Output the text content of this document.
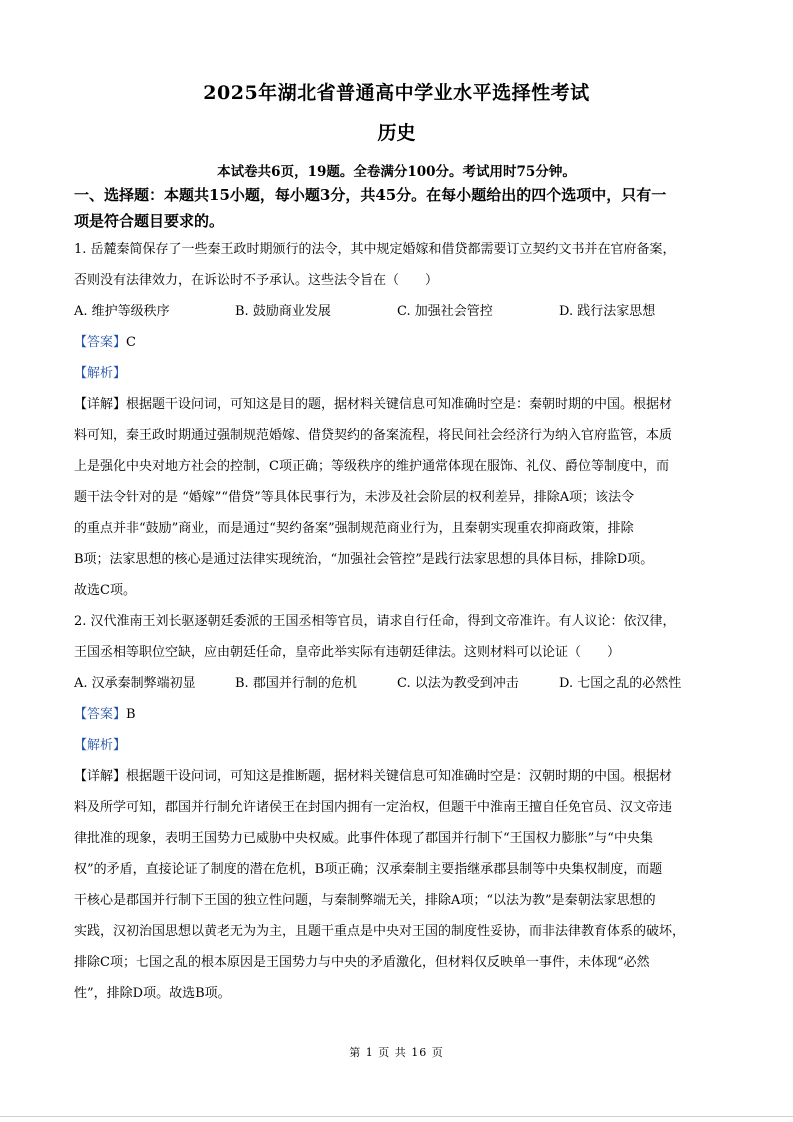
2025年湖北省普通高中学业水平选择性考试
历史
本试卷共6页，19题。全卷满分100分。考试用时75分钟。
一、选择题：本题共15小题，每小题3分，共45分。在每小题给出的四个选项中，只有一
项是符合题目要求的。
1. 岳麓秦简保存了一些秦王政时期颁行的法令，其中规定婚嫁和借贷都需要订立契约文书并在官府备案，
否则没有法律效力，在诉讼时不予承认。这些法令旨在（　　）
A. 维护等级秩序	B. 鼓励商业发展	C. 加强社会管控	D. 践行法家思想
【答案】C
【解析】
【详解】根据题干设问词，可知这是目的题，据材料关键信息可知准确时空是：秦朝时期的中国。根据材
料可知，秦王政时期通过强制规范婚嫁、借贷契约的备案流程，将民间社会经济行为纳入官府监管，本质
上是强化中央对地方社会的控制，C项正确；等级秩序的维护通常体现在服饰、礼仪、爵位等制度中，而
题干法令针对的是 “婚嫁”“借贷”等具体民事行为，未涉及社会阶层的权利差异，排除A项；该法令
的重点并非“鼓励”商业，而是通过“契约备案”强制规范商业行为，且秦朝实现重农抑商政策，排除
B项；法家思想的核心是通过法律实现统治，“加强社会管控”是践行法家思想的具体目标，排除D项。
故选C项。
2. 汉代淮南王刘长驱逐朝廷委派的王国丞相等官员，请求自行任命，得到文帝准许。有人议论：依汉律，
王国丞相等职位空缺，应由朝廷任命，皇帝此举实际有违朝廷律法。这则材料可以论证（　　）
A. 汉承秦制弊端初显	B. 郡国并行制的危机	C. 以法为教受到冲击	D. 七国之乱的必然性
【答案】B
【解析】
【详解】根据题干设问词，可知这是推断题，据材料关键信息可知准确时空是：汉朝时期的中国。根据材
料及所学可知，郡国并行制允许诸侯王在封国内拥有一定治权，但题干中淮南王擅自任免官员、汉文帝违
律批准的现象，表明王国势力已威胁中央权威。此事件体现了郡国并行制下“王国权力膨胀”与“中央集
权”的矛盾，直接论证了制度的潜在危机，B项正确；汉承秦制主要指继承郡县制等中央集权制度，而题
干核心是郡国并行制下王国的独立性问题，与秦制弊端无关，排除A项；“以法为教”是秦朝法家思想的
实践，汉初治国思想以黄老无为为主，且题干重点是中央对王国的制度性妥协，而非法律教育体系的破坏，
排除C项；七国之乱的根本原因是王国势力与中央的矛盾激化，但材料仅反映单一事件，未体现“必然
性”，排除D项。故选B项。
第 1 页 共 16 页
